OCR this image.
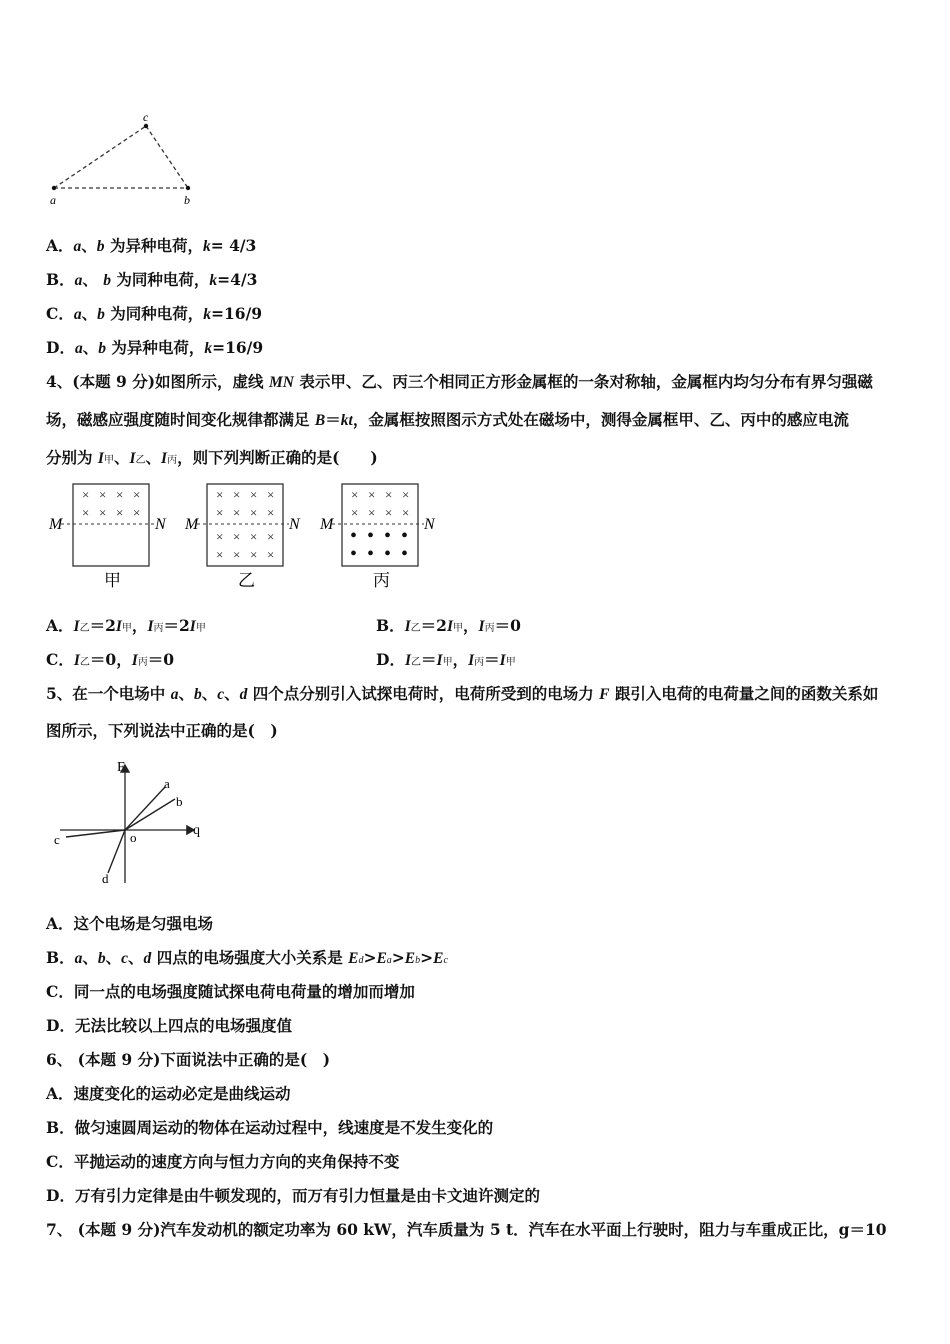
c
a	b
A．a、b 为异种电荷，k= 4/3
B．a、 b 为同种电荷，k=4/3
C．a、b 为同种电荷，k=16/9
D．a、b 为异种电荷，k=16/9
4、(本题 9 分)如图所示，虚线 MN 表示甲、乙、丙三个相同正方形金属框的一条对称轴，金属框内均匀分布有界匀强磁
场，磁感应强度随时间变化规律都满足 B＝kt，金属框按照图示方式处在磁场中，测得金属框甲、乙、丙中的感应电流
分别为 I甲、I乙、I丙，则下列判断正确的是(　　)
M	N
× × × ×
× × × ×
甲
M	N
× × × ×
× × × ×
× × × ×
× × × ×
乙
M	N
× × × ×
× × × ×
• • • •
• • • •
丙
A．I乙＝2I甲，I丙＝2I甲	B．I乙＝2I甲，I丙＝0
C．I乙＝0，I丙＝0	D．I乙＝I甲，I丙＝I甲
5、在一个电场中 a、b、c、d 四个点分别引入试探电荷时，电荷所受到的电场力 F 跟引入电荷的电荷量之间的函数关系如
图所示，下列说法中正确的是(　)
F
q
o
a
b
c
d
A．这个电场是匀强电场
B．a、b、c、d 四点的电场强度大小关系是 Ed>Ea>Eb>Ec
C．同一点的电场强度随试探电荷电荷量的增加而增加
D．无法比较以上四点的电场强度值
6、 (本题 9 分)下面说法中正确的是(　)
A．速度变化的运动必定是曲线运动
B．做匀速圆周运动的物体在运动过程中，线速度是不发生变化的
C．平抛运动的速度方向与恒力方向的夹角保持不变
D．万有引力定律是由牛顿发现的，而万有引力恒量是由卡文迪许测定的
7、 (本题 9 分)汽车发动机的额定功率为 60 kW，汽车质量为 5 t．汽车在水平面上行驶时，阻力与车重成正比，g＝10
